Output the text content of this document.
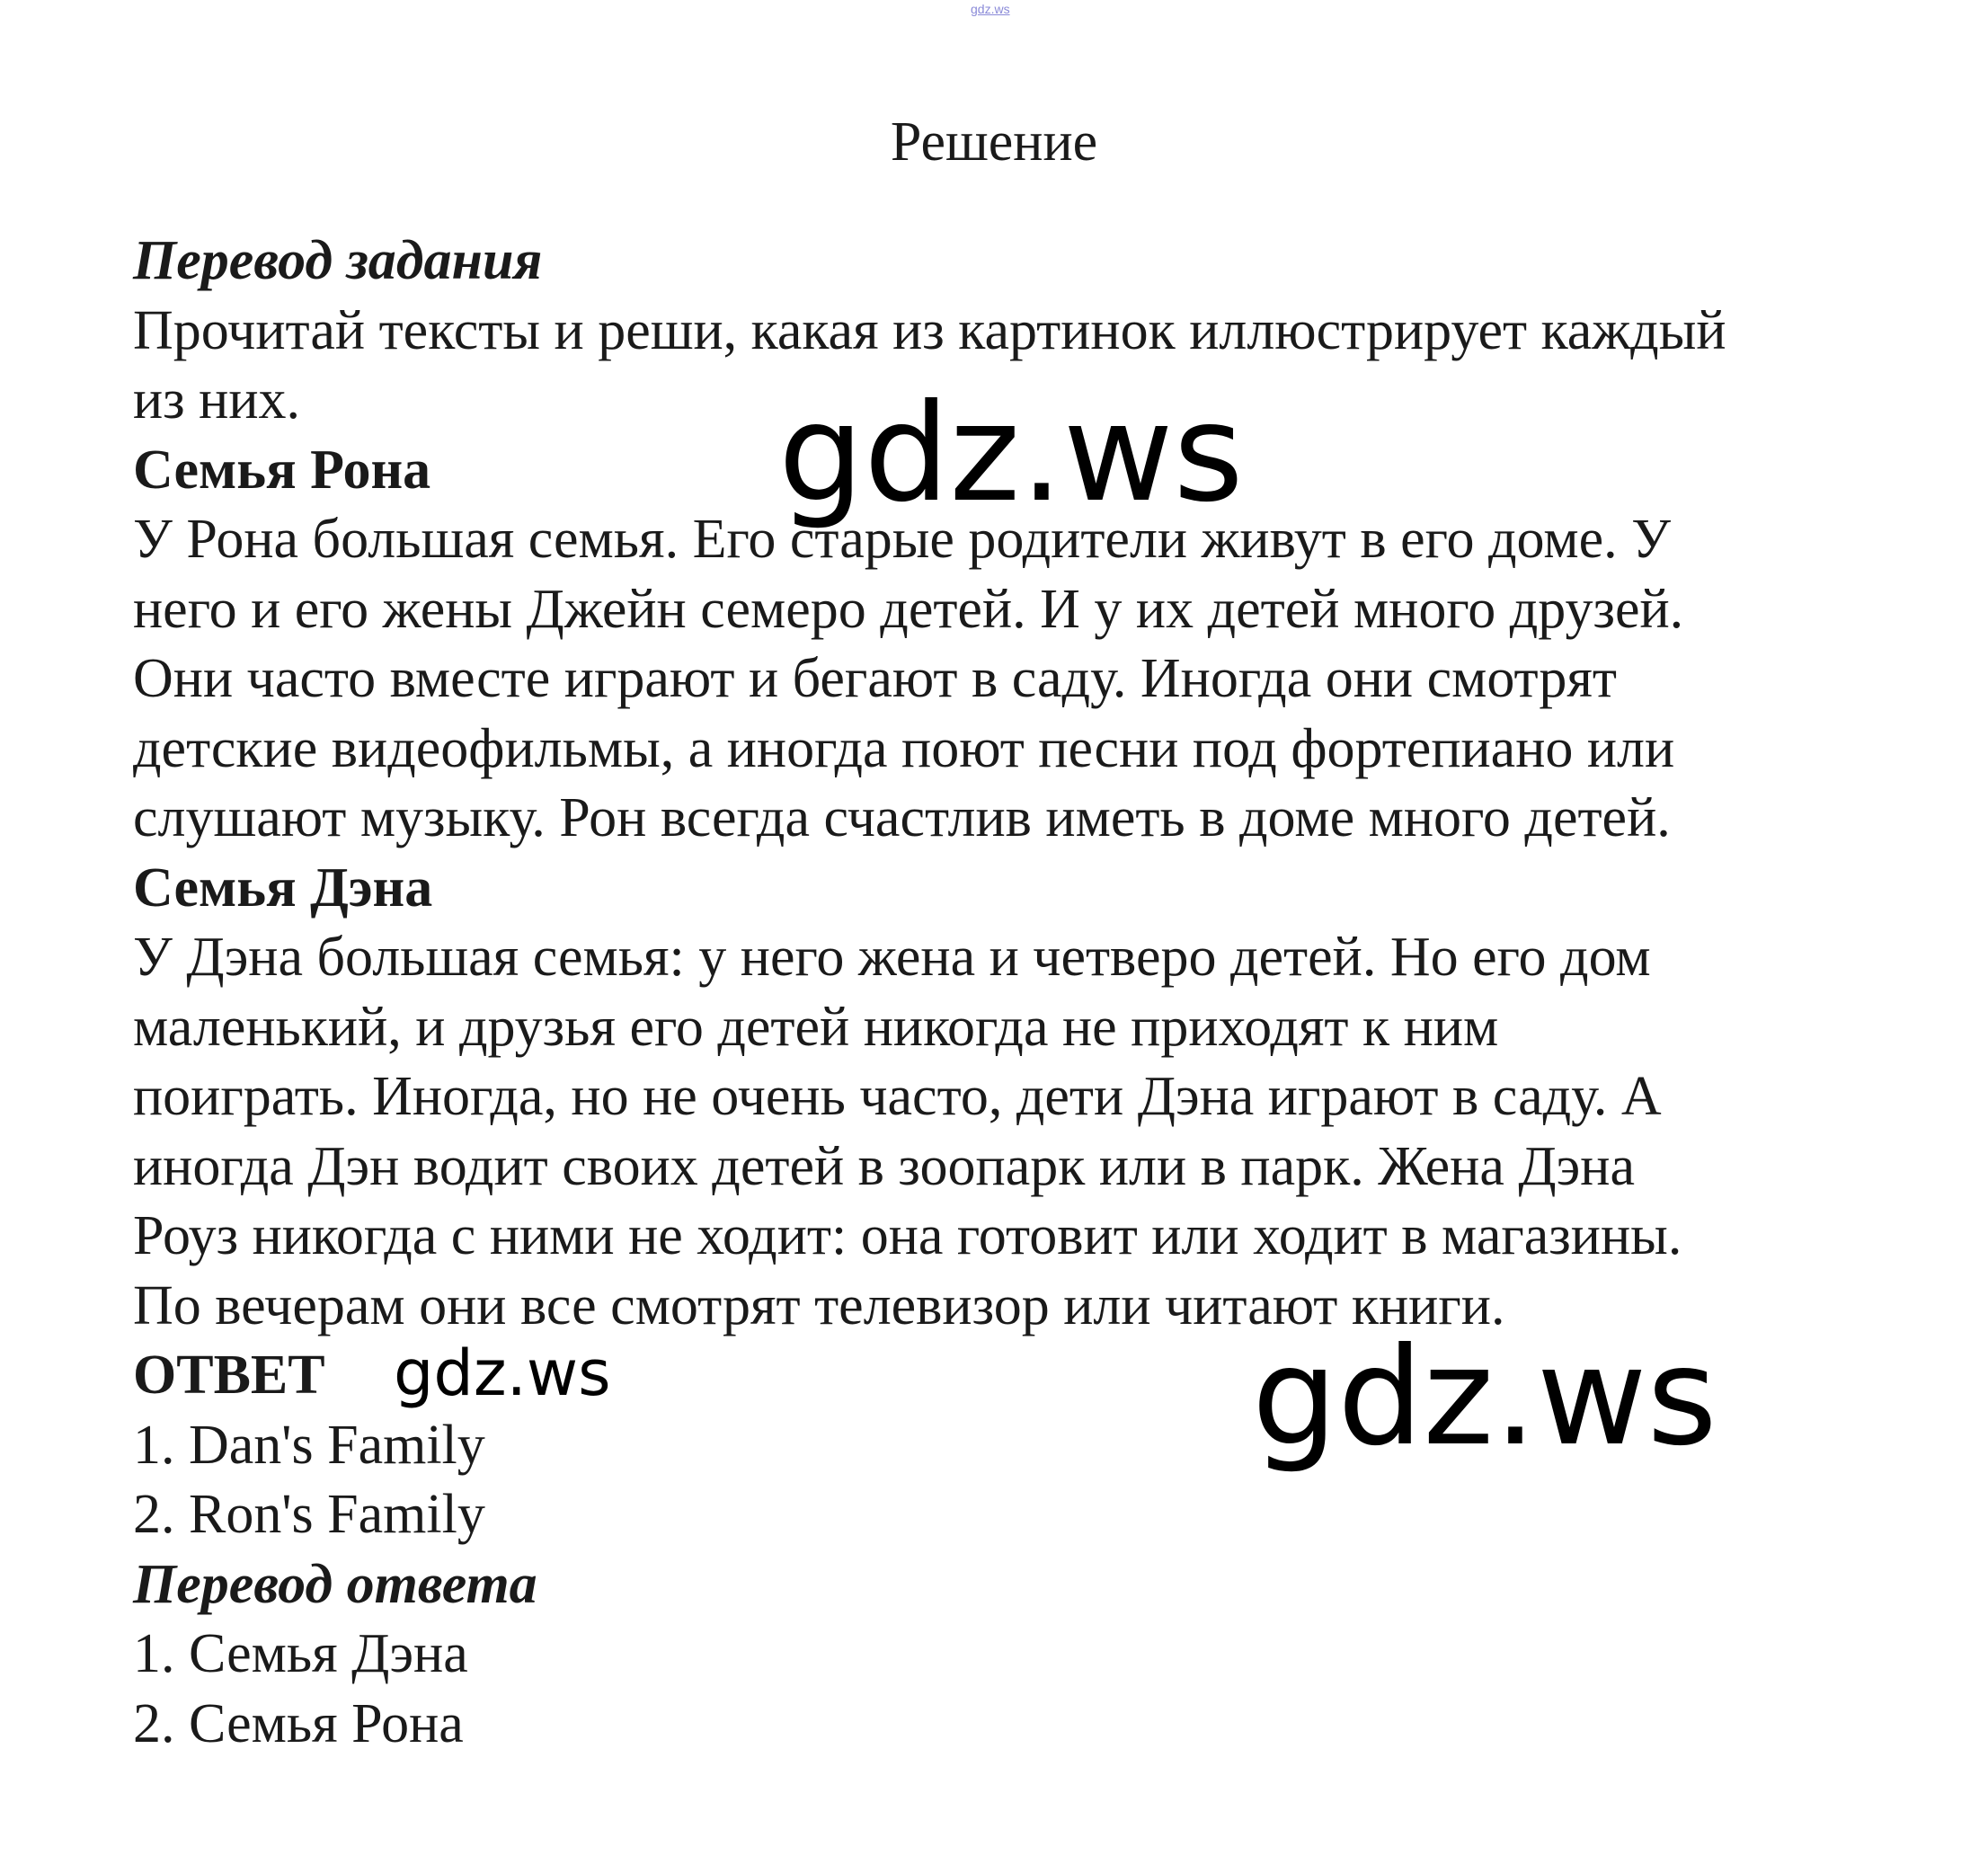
gdz.ws
Решение
Перевод задания
Прочитай тексты и реши, какая из картинок иллюстрирует каждый
из них.
Семья Рона
У Рона большая семья. Его старые родители живут в его доме. У
него и его жены Джейн семеро детей. И у их детей много друзей.
Они часто вместе играют и бегают в саду. Иногда они смотрят
детские видеофильмы, а иногда поют песни под фортепиано или
слушают музыку. Рон всегда счастлив иметь в доме много детей.
Семья Дэна
У Дэна большая семья: у него жена и четверо детей. Но его дом
маленький, и друзья его детей никогда не приходят к ним
поиграть. Иногда, но не очень часто, дети Дэна играют в саду. А
иногда Дэн водит своих детей в зоопарк или в парк. Жена Дэна
Роуз никогда с ними не ходит: она готовит или ходит в магазины.
По вечерам они все смотрят телевизор или читают книги.
ОТВЕТ
1. Dan's Family
2. Ron's Family
Перевод ответа
1. Семья Дэна
2. Семья Рона
gdz.ws
gdz.ws
gdz.ws
